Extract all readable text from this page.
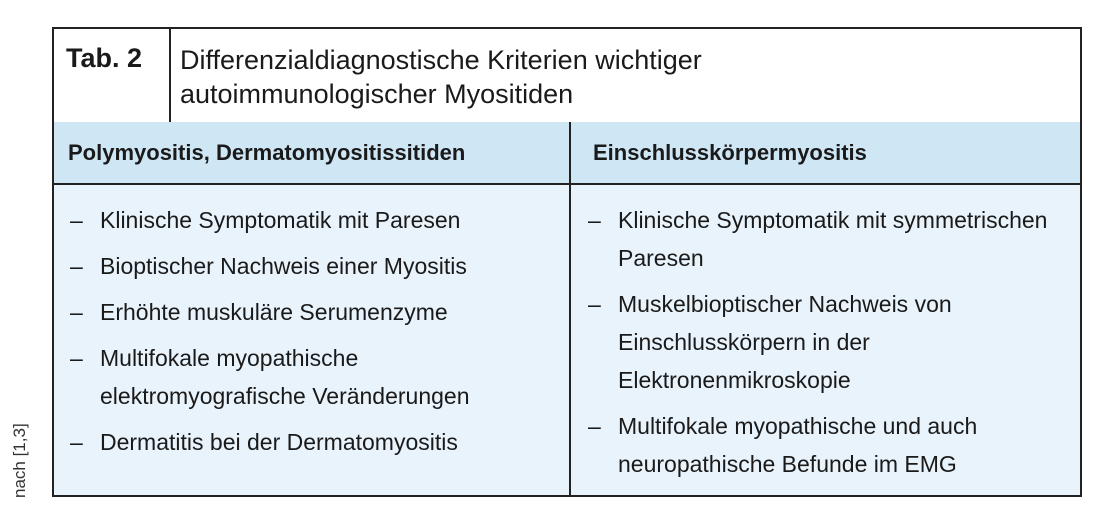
nach [1,3]
Tab. 2	Differenzialdiagnostische Kriterien wichtiger
autoimmunologischer Myositiden
Polymyositis, Dermatomyositissitiden	Einschlusskörpermyositis
– Klinische Symptomatik mit Paresen
– Bioptischer Nachweis einer Myositis
– Erhöhte muskuläre Serumenzyme
– Multifokale myopathische elektromyografische Veränderungen
– Dermatitis bei der Dermatomyositis
– Klinische Symptomatik mit symmetrischen Paresen
– Muskelbioptischer Nachweis von Einschlusskörpern in der Elektronenmikroskopie
– Multifokale myopathische und auch neuropathische Befunde im EMG
